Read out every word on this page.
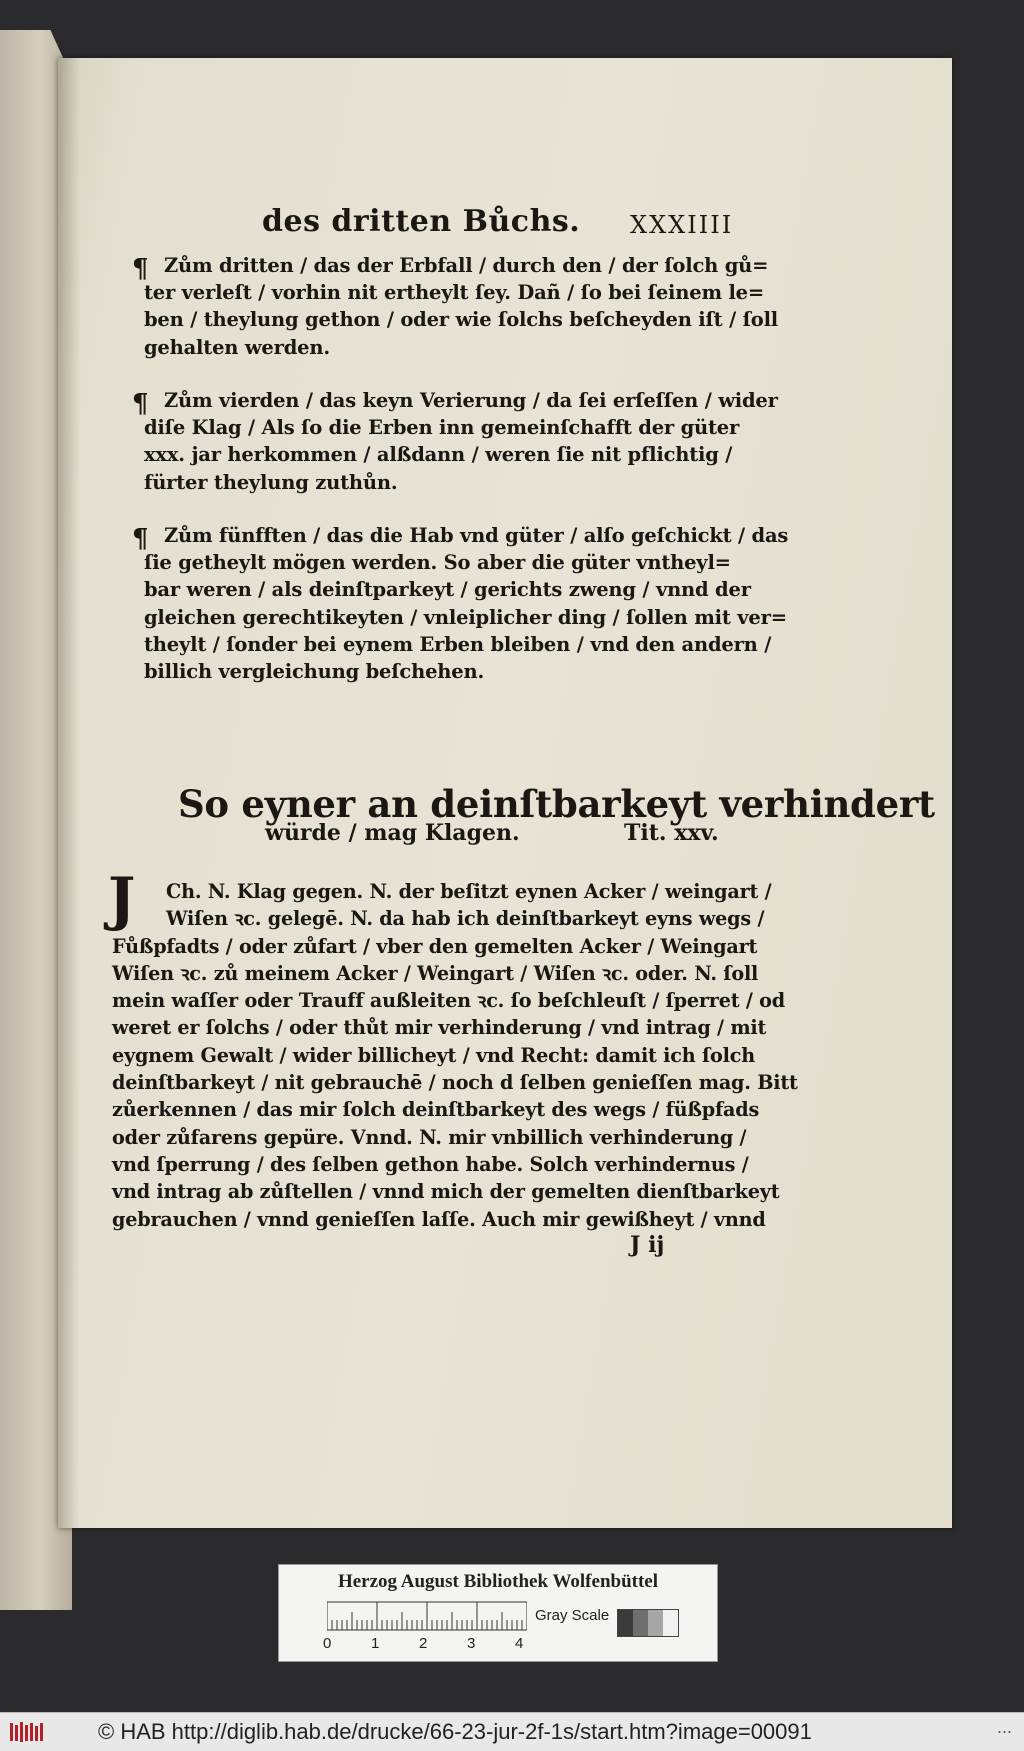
des dritten Bůchs. XXXIIII
¶ Zům dritten / das der Erbfall / durch den / der ſolch gů=
ter verleſt / vorhin nit ertheylt ſey. Dañ / ſo bei ſeinem le=
ben / theylung gethon / oder wie ſolchs beſcheyden iſt / ſoll
gehalten werden.
¶ Zům vierden / das keyn Verierung / da ſei erſeſſen / wider
diſe Klag / Als ſo die Erben inn gemeinſchafft der güter
xxx. jar herkommen / alßdann / weren ſie nit pflichtig /
fürter theylung zuthůn.
¶ Zům fünfften / das die Hab vnd güter / alſo geſchickt / das
ſie getheylt mögen werden. So aber die güter vntheyl=
bar weren / als deinſtparkeyt / gerichts zweng / vnnd der
gleichen gerechtikeyten / vnleiplicher ding / ſollen mit ver=
theylt / ſonder bei eynem Erben bleiben / vnd den andern /
billich vergleichung beſchehen.
So eyner an deinſtbarkeyt verhindert
würde / mag Klagen.	Tit. xxv.
J	Ch. N. Klag gegen. N. der beſitzt eynen Acker / weingart /
Wiſen ꝛc. gelegē. N. da hab ich deinſtbarkeyt eyns wegs /
Fůßpfadts / oder zůfart / vber den gemelten Acker / Weingart
Wiſen ꝛc. zů meinem Acker / Weingart / Wiſen ꝛc. oder. N. ſoll
mein waſſer oder Trauff außleiten ꝛc. ſo beſchleuſt / ſperret / od
weret er ſolchs / oder thůt mir verhinderung / vnd intrag / mit
eygnem Gewalt / wider billicheyt / vnd Recht: damit ich ſolch
deinſtbarkeyt / nit gebrauchē / noch d ſelben genieſſen mag. Bitt
zůerkennen / das mir ſolch deinſtbarkeyt des wegs / füßpfads
oder zůfarens gepüre. Vnnd. N. mir vnbillich verhinderung /
vnd ſperrung / des ſelben gethon habe. Solch verhindernus /
vnd intrag ab zůſtellen / vnnd mich der gemelten dienſtbarkeyt
gebrauchen / vnnd genieſſen laſſe. Auch mir gewißheyt / vnnd
J ij
Herzog August Bibliothek Wolfenbüttel
0	1	2	3	4
Gray Scale
© HAB http://diglib.hab.de/drucke/66-23-jur-2f-1s/start.htm?image=00091	...
